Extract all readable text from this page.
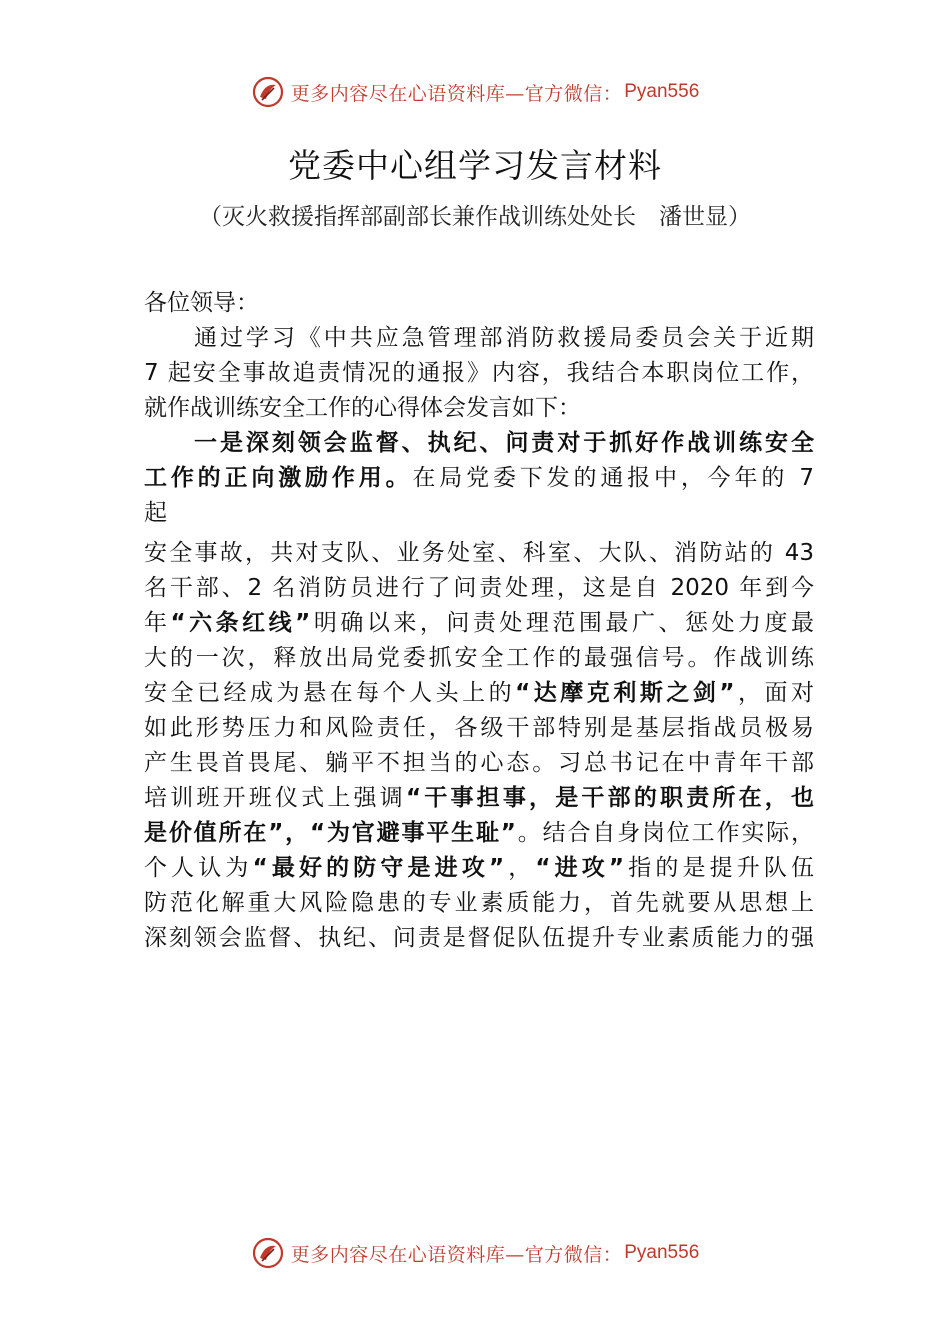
更多内容尽在心语资料库—官方微信： Pyan556
党委中心组学习发言材料
（灭火救援指挥部副部长兼作战训练处处长　潘世显）
各位领导：
通过学习《中共应急管理部消防救援局委员会关于近期
7 起安全事故追责情况的通报》内容，我结合本职岗位工作，
就作战训练安全工作的心得体会发言如下：
一是深刻领会监督、执纪、问责对于抓好作战训练安全
工作的正向激励作用。在局党委下发的通报中，今年的 7
起
安全事故，共对支队、业务处室、科室、大队、消防站的 43
名干部、2 名消防员进行了问责处理，这是自 2020 年到今
年“六条红线”明确以来，问责处理范围最广、惩处力度最
大的一次，释放出局党委抓安全工作的最强信号。作战训练
安全已经成为悬在每个人头上的“达摩克利斯之剑”，面对
如此形势压力和风险责任，各级干部特别是基层指战员极易
产生畏首畏尾、躺平不担当的心态。习总书记在中青年干部
培训班开班仪式上强调“干事担事，是干部的职责所在，也
是价值所在”，“为官避事平生耻”。结合自身岗位工作实际，
个人认为“最好的防守是进攻”，“进攻”指的是提升队伍
防范化解重大风险隐患的专业素质能力，首先就要从思想上
深刻领会监督、执纪、问责是督促队伍提升专业素质能力的强
更多内容尽在心语资料库—官方微信： Pyan556
